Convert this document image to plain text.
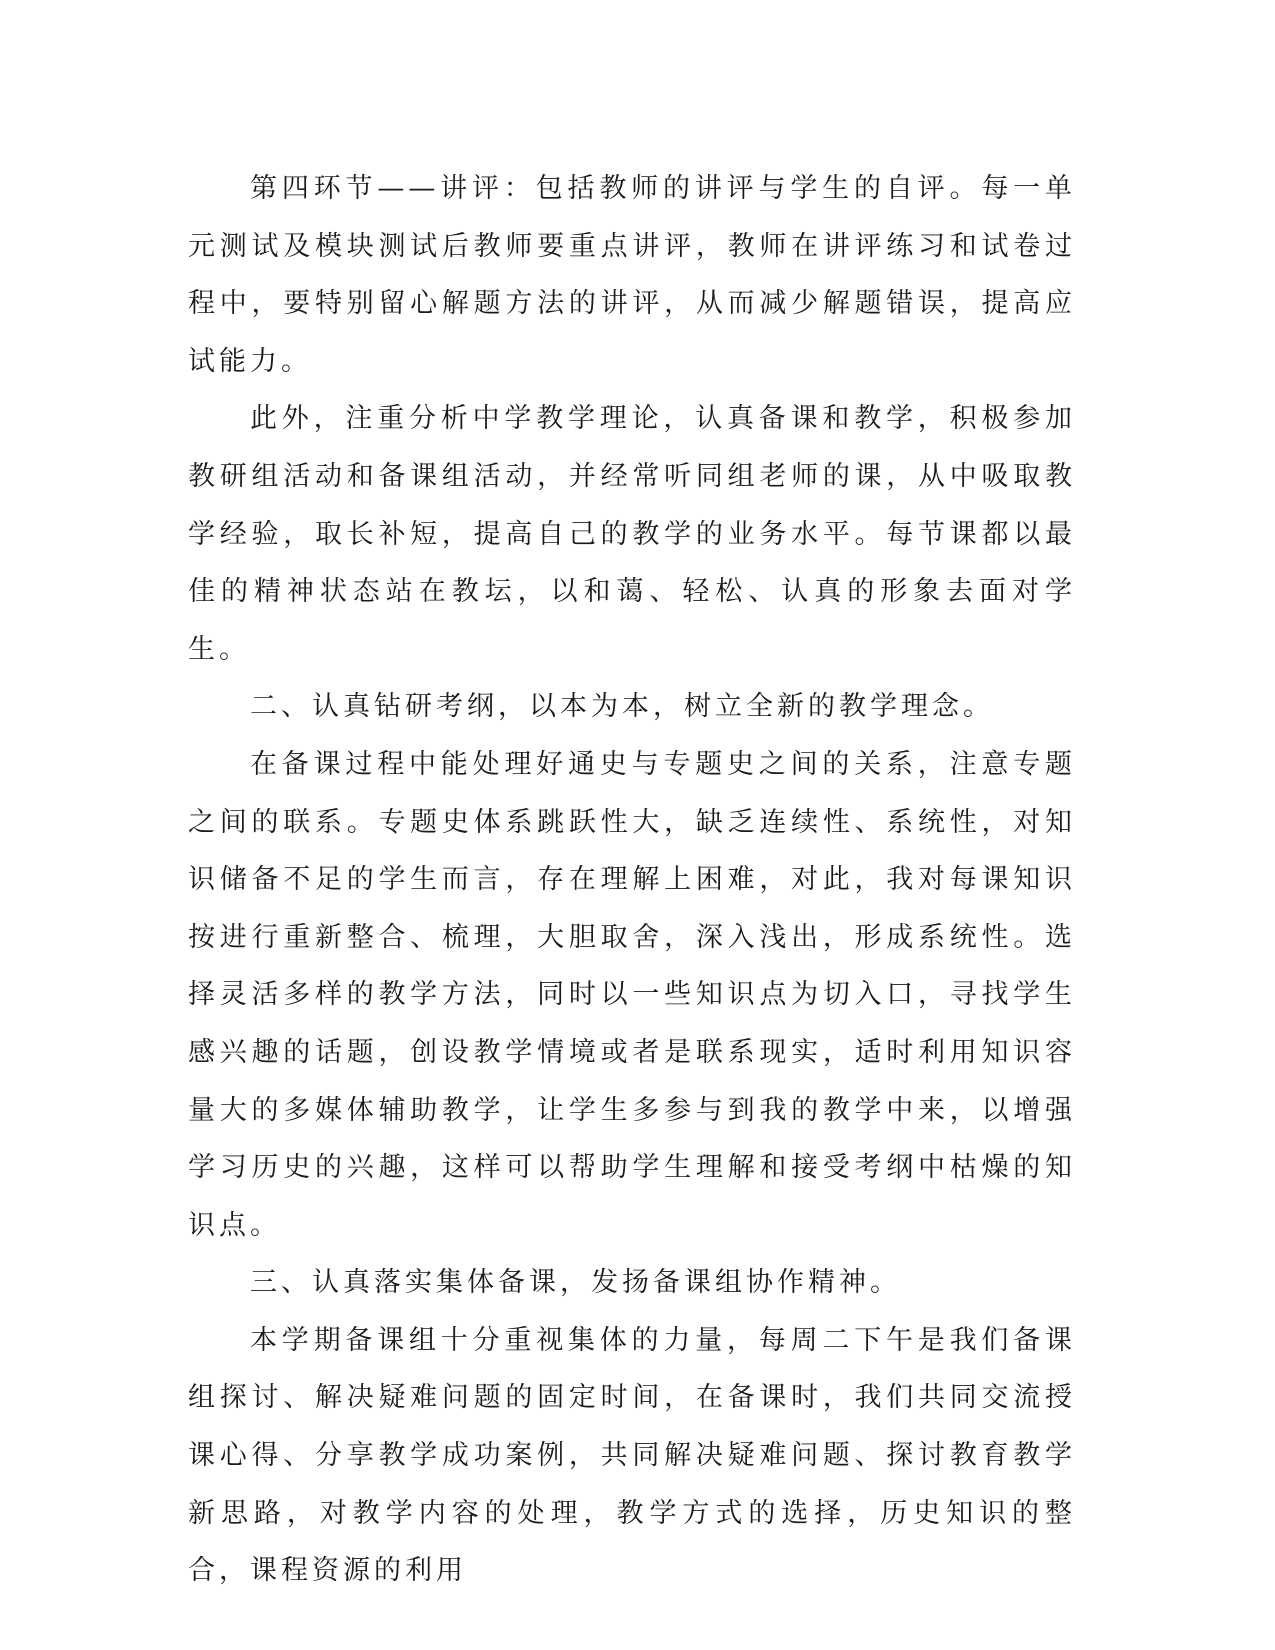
第四环节——讲评：包括教师的讲评与学生的自评。每一单元测试及模块测试后教师要重点讲评，教师在讲评练习和试卷过程中，要特别留心解题方法的讲评，从而减少解题错误，提高应试能力。

此外，注重分析中学教学理论，认真备课和教学，积极参加教研组活动和备课组活动，并经常听同组老师的课，从中吸取教学经验，取长补短，提高自己的教学的业务水平。每节课都以最佳的精神状态站在教坛，以和蔼、轻松、认真的形象去面对学生。

二、认真钻研考纲，以本为本，树立全新的教学理念。

在备课过程中能处理好通史与专题史之间的关系，注意专题之间的联系。专题史体系跳跃性大，缺乏连续性、系统性，对知识储备不足的学生而言，存在理解上困难，对此，我对每课知识按进行重新整合、梳理，大胆取舍，深入浅出，形成系统性。选择灵活多样的教学方法，同时以一些知识点为切入口，寻找学生感兴趣的话题，创设教学情境或者是联系现实，适时利用知识容量大的多媒体辅助教学，让学生多参与到我的教学中来，以增强学习历史的兴趣，这样可以帮助学生理解和接受考纲中枯燥的知识点。

三、认真落实集体备课，发扬备课组协作精神。

本学期备课组十分重视集体的力量，每周二下午是我们备课组探讨、解决疑难问题的固定时间，在备课时，我们共同交流授课心得、分享教学成功案例，共同解决疑难问题、探讨教育教学新思路，对教学内容的处理，教学方式的选择，历史知识的整合，课程资源的利用
